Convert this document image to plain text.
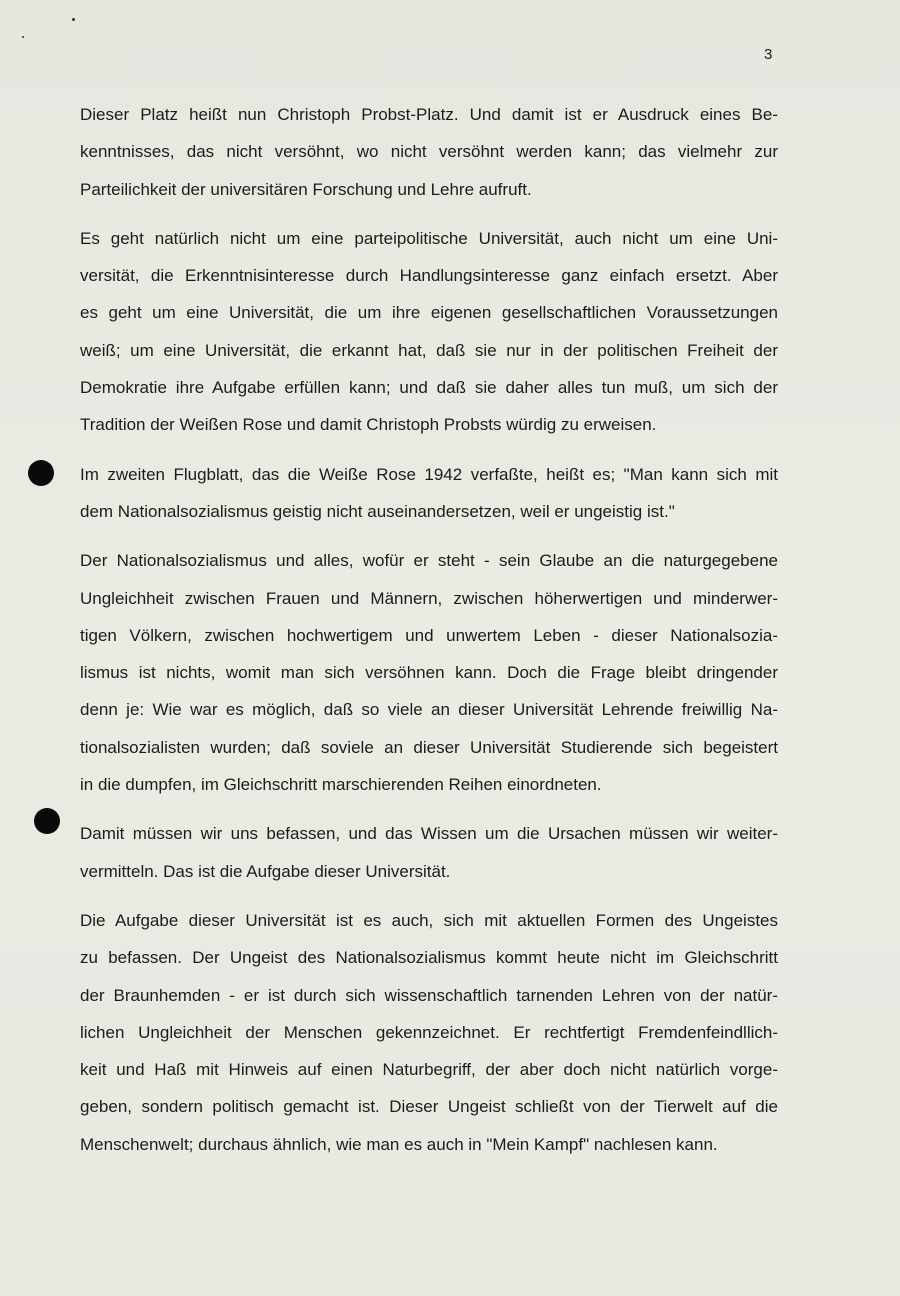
3

Dieser Platz heißt nun Christoph Probst-Platz. Und damit ist er Ausdruck eines Be-
kenntnisses, das nicht versöhnt, wo nicht versöhnt werden kann; das vielmehr zur
Parteilichkeit der universitären Forschung und Lehre aufruft.

Es geht natürlich nicht um eine parteipolitische Universität, auch nicht um eine Uni-
versität, die Erkenntnisinteresse durch Handlungsinteresse ganz einfach ersetzt. Aber
es geht um eine Universität, die um ihre eigenen gesellschaftlichen Voraussetzungen
weiß; um eine Universität, die erkannt hat, daß sie nur in der politischen Freiheit der
Demokratie ihre Aufgabe erfüllen kann; und daß sie daher alles tun muß, um sich der
Tradition der Weißen Rose und damit Christoph Probsts würdig zu erweisen.

Im zweiten Flugblatt, das die Weiße Rose 1942 verfaßte, heißt es; "Man kann sich mit
dem Nationalsozialismus geistig nicht auseinandersetzen, weil er ungeistig ist."

Der Nationalsozialismus und alles, wofür er steht - sein Glaube an die naturgegebene
Ungleichheit zwischen Frauen und Männern, zwischen höherwertigen und minderwer-
tigen Völkern, zwischen hochwertigem und unwertem Leben - dieser Nationalsozia-
lismus ist nichts, womit man sich versöhnen kann. Doch die Frage bleibt dringender
denn je: Wie war es möglich, daß so viele an dieser Universität Lehrende freiwillig Na-
tionalsozialisten wurden; daß soviele an dieser Universität Studierende sich begeistert
in die dumpfen, im Gleichschritt marschierenden Reihen einordneten.

Damit müssen wir uns befassen, und das Wissen um die Ursachen müssen wir weiter-
vermitteln. Das ist die Aufgabe dieser Universität.

Die Aufgabe dieser Universität ist es auch, sich mit aktuellen Formen des Ungeistes
zu befassen. Der Ungeist des Nationalsozialismus kommt heute nicht im Gleichschritt
der Braunhemden - er ist durch sich wissenschaftlich tarnenden Lehren von der natür-
lichen Ungleichheit der Menschen gekennzeichnet. Er rechtfertigt Fremdenfeindllich-
keit und Haß mit Hinweis auf einen Naturbegriff, der aber doch nicht natürlich vorge-
geben, sondern politisch gemacht ist. Dieser Ungeist schließt von der Tierwelt auf die
Menschenwelt; durchaus ähnlich, wie man es auch in "Mein Kampf" nachlesen kann.
